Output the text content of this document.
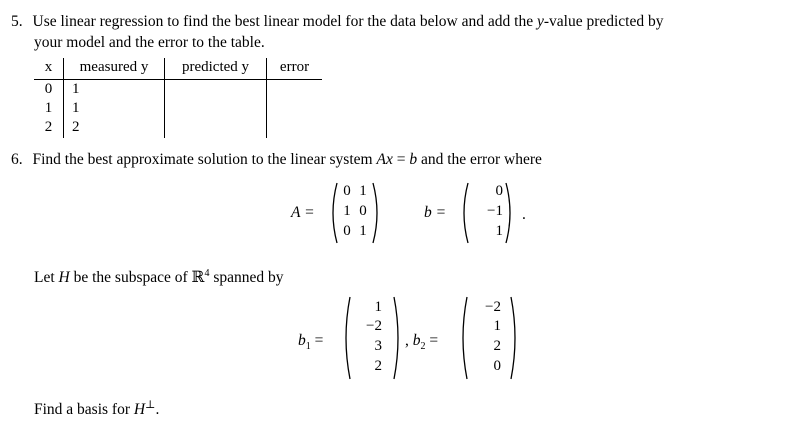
5. Use linear regression to find the best linear model for the data below and add the y-value predicted by
your model and the error to the table.
x	measured y	predicted y	error
0	1
1	1
2	2
6. Find the best approximate solution to the linear system Ax = b and the error where
A =
0 1
1 0
0 1
b =
0
−1
1
.
Let H be the subspace of ℝ$^4$ spanned by
$b_1$ =
1
−2
3
2
, $b_2$ =
−2
1
2
0
Find a basis for H⊥.
